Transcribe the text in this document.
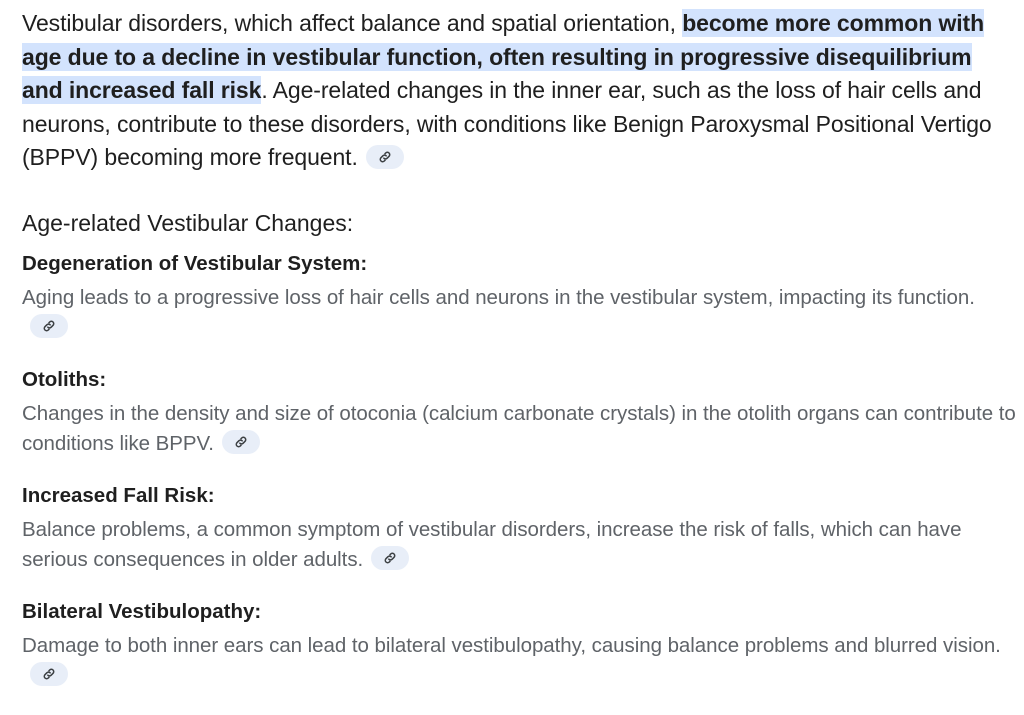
Vestibular disorders, which affect balance and spatial orientation, become more common with age due to a decline in vestibular function, often resulting in progressive disequilibrium and increased fall risk. Age-related changes in the inner ear, such as the loss of hair cells and neurons, contribute to these disorders, with conditions like Benign Paroxysmal Positional Vertigo (BPPV) becoming more frequent.

Age-related Vestibular Changes:
Degeneration of Vestibular System:

Aging leads to a progressive loss of hair cells and neurons in the vestibular system, impacting its function.

Otoliths:

Changes in the density and size of otoconia (calcium carbonate crystals) in the otolith organs can contribute to conditions like BPPV.

Increased Fall Risk:

Balance problems, a common symptom of vestibular disorders, increase the risk of falls, which can have serious consequences in older adults.

Bilateral Vestibulopathy:

Damage to both inner ears can lead to bilateral vestibulopathy, causing balance problems and blurred vision.
